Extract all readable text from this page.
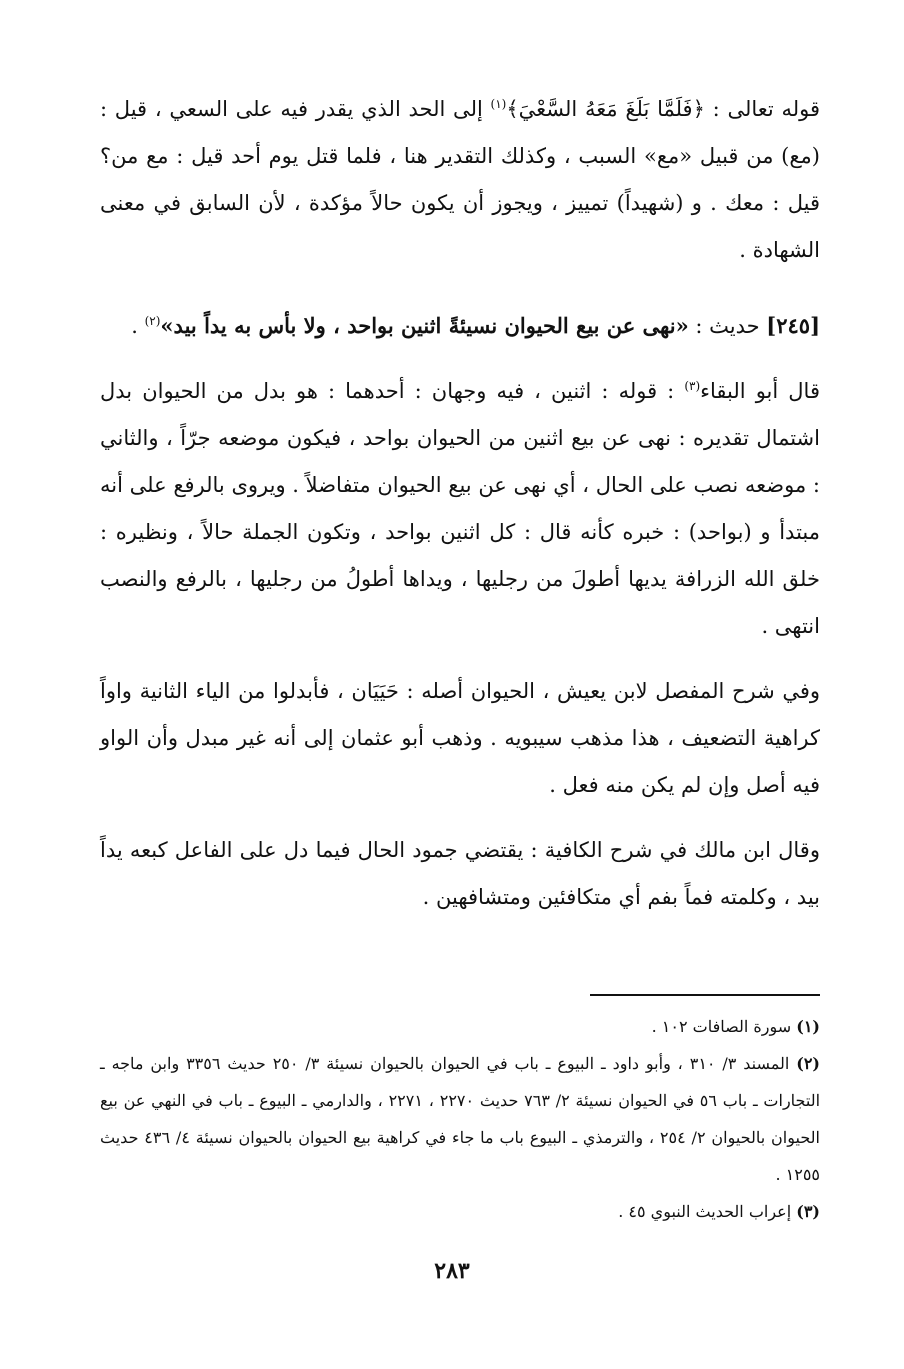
قوله تعالى : ﴿فَلَمَّا بَلَغَ مَعَهُ السَّعْيَ﴾$^{(١)}$ إلى الحد الذي يقدر فيه على السعي ، قيل : (مع) من قبيل «مع» السبب ، وكذلك التقدير هنا ، فلما قتل يوم أحد قيل : مع من؟ قيل : معك . و (شهيداً) تمييز ، ويجوز أن يكون حالاً مؤكدة ، لأن السابق في معنى الشهادة .

[٢٤٥] حديث : «نهى عن بيع الحيوان نسيئةً اثنين بواحد ، ولا بأس به يداً بيد»$^{(٢)}$ .

قال أبو البقاء$^{(٣)}$ : قوله : اثنين ، فيه وجهان : أحدهما : هو بدل من الحيوان بدل اشتمال تقديره : نهى عن بيع اثنين من الحيوان بواحد ، فيكون موضعه جرّاً ، والثاني : موضعه نصب على الحال ، أي نهى عن بيع الحيوان متفاضلاً . ويروى بالرفع على أنه مبتدأ و (بواحد) : خبره كأنه قال : كل اثنين بواحد ، وتكون الجملة حالاً ، ونظيره : خلق الله الزرافة يديها أطولَ من رجليها ، ويداها أطولُ من رجليها ، بالرفع والنصب انتهى .

وفي شرح المفصل لابن يعيش ، الحيوان أصله : حَيَيَان ، فأبدلوا من الياء الثانية واواً كراهية التضعيف ، هذا مذهب سيبويه . وذهب أبو عثمان إلى أنه غير مبدل وأن الواو فيه أصل وإن لم يكن منه فعل .

وقال ابن مالك في شرح الكافية : يقتضي جمود الحال فيما دل على الفاعل كبعه يداً بيد ، وكلمته فماً بفم أي متكافئين ومتشافهين .

(١) سورة الصافات ١٠٢ .

(٢) المسند ٣/ ٣١٠ ، وأبو داود ـ البيوع ـ باب في الحيوان بالحيوان نسيئة ٣/ ٢٥٠ حديث ٣٣٥٦ وابن ماجه ـ التجارات ـ باب ٥٦ في الحيوان نسيئة ٢/ ٧٦٣ حديث ٢٢٧٠ ، ٢٢٧١ ، والدارمي ـ البيوع ـ باب في النهي عن بيع الحيوان بالحيوان ٢/ ٢٥٤ ، والترمذي ـ البيوع باب ما جاء في كراهية بيع الحيوان بالحيوان نسيئة ٤/ ٤٣٦ حديث ١٢٥٥ .

(٣) إعراب الحديث النبوي ٤٥ .

٢٨٣
